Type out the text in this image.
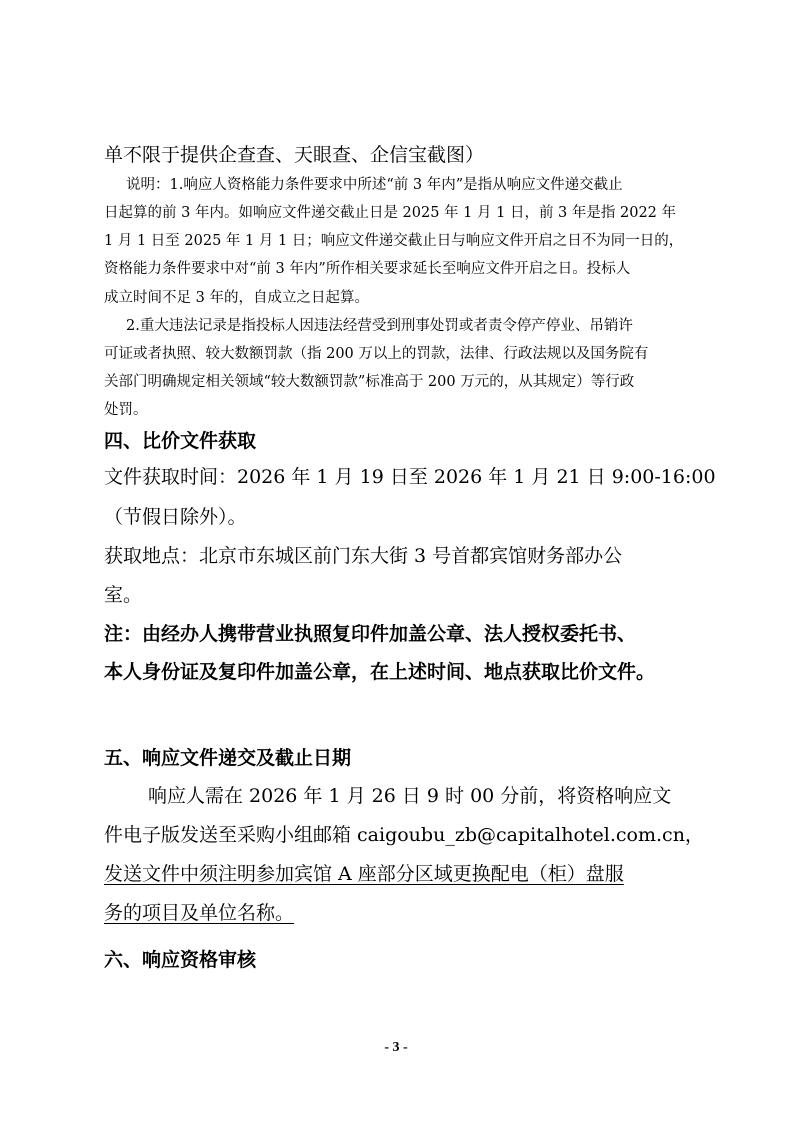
单不限于提供企查查、天眼查、企信宝截图）
说明：1.响应人资格能力条件要求中所述“前 3 年内”是指从响应文件递交截止
日起算的前 3 年内。如响应文件递交截止日是 2025 年 1 月 1 日，前 3 年是指 2022 年
1 月 1 日至 2025 年 1 月 1 日；响应文件递交截止日与响应文件开启之日不为同一日的，
资格能力条件要求中对“前 3 年内”所作相关要求延长至响应文件开启之日。投标人
成立时间不足 3 年的，自成立之日起算。
2.重大违法记录是指投标人因违法经营受到刑事处罚或者责令停产停业、吊销许
可证或者执照、较大数额罚款（指 200 万以上的罚款，法律、行政法规以及国务院有
关部门明确规定相关领域“较大数额罚款”标准高于 200 万元的，从其规定）等行政
处罚。
四、比价文件获取
文件获取时间：2026 年 1 月 19 日至 2026 年 1 月 21 日 9:00-16:00
（节假日除外）。
获取地点：北京市东城区前门东大街 3 号首都宾馆财务部办公
室。
注：由经办人携带营业执照复印件加盖公章、法人授权委托书、
本人身份证及复印件加盖公章，在上述时间、地点获取比价文件。
五、响应文件递交及截止日期
响应人需在 2026 年 1 月 26 日 9 时 00 分前，将资格响应文
件电子版发送至采购小组邮箱 caigoubu_zb@capitalhotel.com.cn，
发送文件中须注明参加宾馆 A 座部分区域更换配电（柜）盘服
务的项目及单位名称。
六、响应资格审核
- 3 -
